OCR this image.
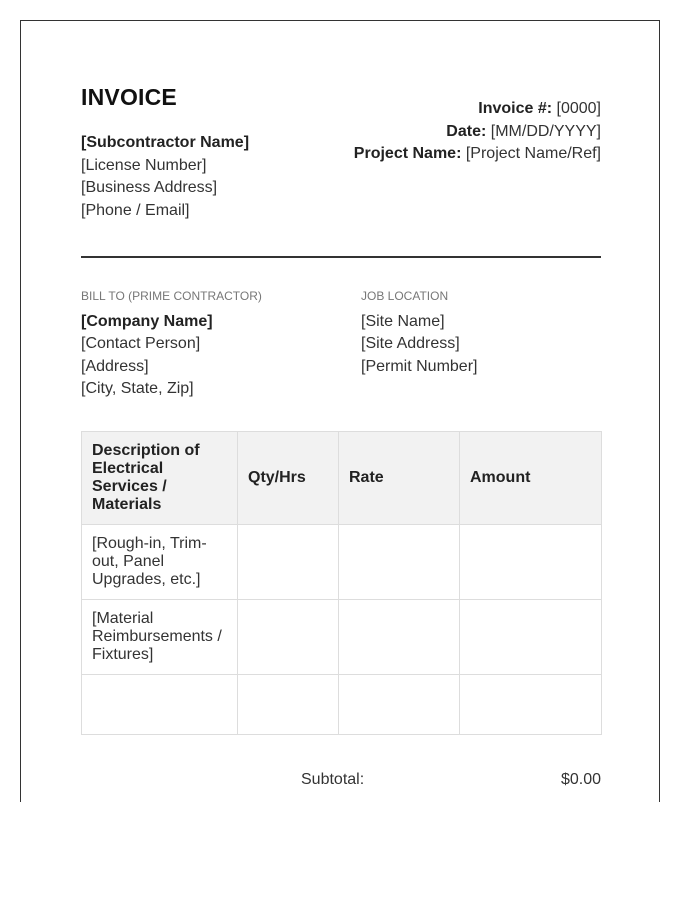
INVOICE
[Subcontractor Name]
[License Number]
[Business Address]
[Phone / Email]
Invoice #: [0000]
Date: [MM/DD/YYYY]
Project Name: [Project Name/Ref]
BILL TO (PRIME CONTRACTOR)
[Company Name]
[Contact Person]
[Address]
[City, State, Zip]
JOB LOCATION
[Site Name]
[Site Address]
[Permit Number]
Description of Electrical Services / Materials	Qty/Hrs	Rate	Amount
[Rough-in, Trim-out, Panel Upgrades, etc.]			
[Material Reimbursements / Fixtures]			

Subtotal:	$0.00
